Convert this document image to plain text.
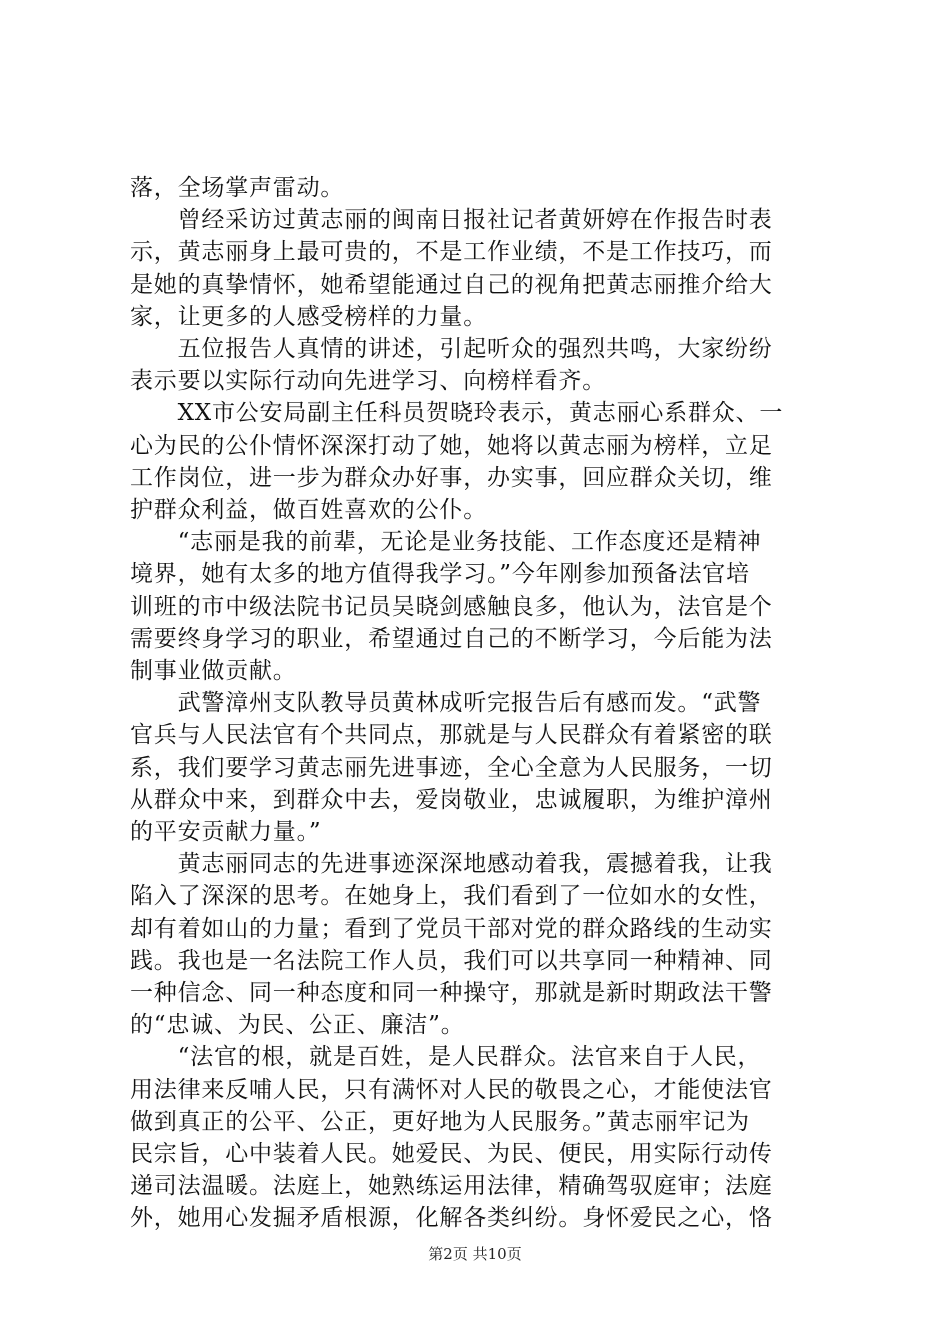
落，全场掌声雷动。
　　曾经采访过黄志丽的闽南日报社记者黄妍婷在作报告时表
示，黄志丽身上最可贵的，不是工作业绩，不是工作技巧，而
是她的真挚情怀，她希望能通过自己的视角把黄志丽推介给大
家，让更多的人感受榜样的力量。
　　五位报告人真情的讲述，引起听众的强烈共鸣，大家纷纷
表示要以实际行动向先进学习、向榜样看齐。
　　XX市公安局副主任科员贺晓玲表示，黄志丽心系群众、一
心为民的公仆情怀深深打动了她，她将以黄志丽为榜样，立足
工作岗位，进一步为群众办好事，办实事，回应群众关切，维
护群众利益，做百姓喜欢的公仆。
　　“志丽是我的前辈，无论是业务技能、工作态度还是精神
境界，她有太多的地方值得我学习。”今年刚参加预备法官培
训班的市中级法院书记员吴晓剑感触良多，他认为，法官是个
需要终身学习的职业，希望通过自己的不断学习，今后能为法
制事业做贡献。
　　武警漳州支队教导员黄林成听完报告后有感而发。“武警
官兵与人民法官有个共同点，那就是与人民群众有着紧密的联
系，我们要学习黄志丽先进事迹，全心全意为人民服务，一切
从群众中来，到群众中去，爱岗敬业，忠诚履职，为维护漳州
的平安贡献力量。”
　　黄志丽同志的先进事迹深深地感动着我，震撼着我，让我
陷入了深深的思考。在她身上，我们看到了一位如水的女性，
却有着如山的力量；看到了党员干部对党的群众路线的生动实
践。我也是一名法院工作人员，我们可以共享同一种精神、同
一种信念、同一种态度和同一种操守，那就是新时期政法干警
的“忠诚、为民、公正、廉洁”。
　　“法官的根，就是百姓，是人民群众。法官来自于人民，
用法律来反哺人民，只有满怀对人民的敬畏之心，才能使法官
做到真正的公平、公正，更好地为人民服务。”黄志丽牢记为
民宗旨，心中装着人民。她爱民、为民、便民，用实际行动传
递司法温暖。法庭上，她熟练运用法律，精确驾驭庭审；法庭
外，她用心发掘矛盾根源，化解各类纠纷。身怀爱民之心，恪
第2页 共10页
